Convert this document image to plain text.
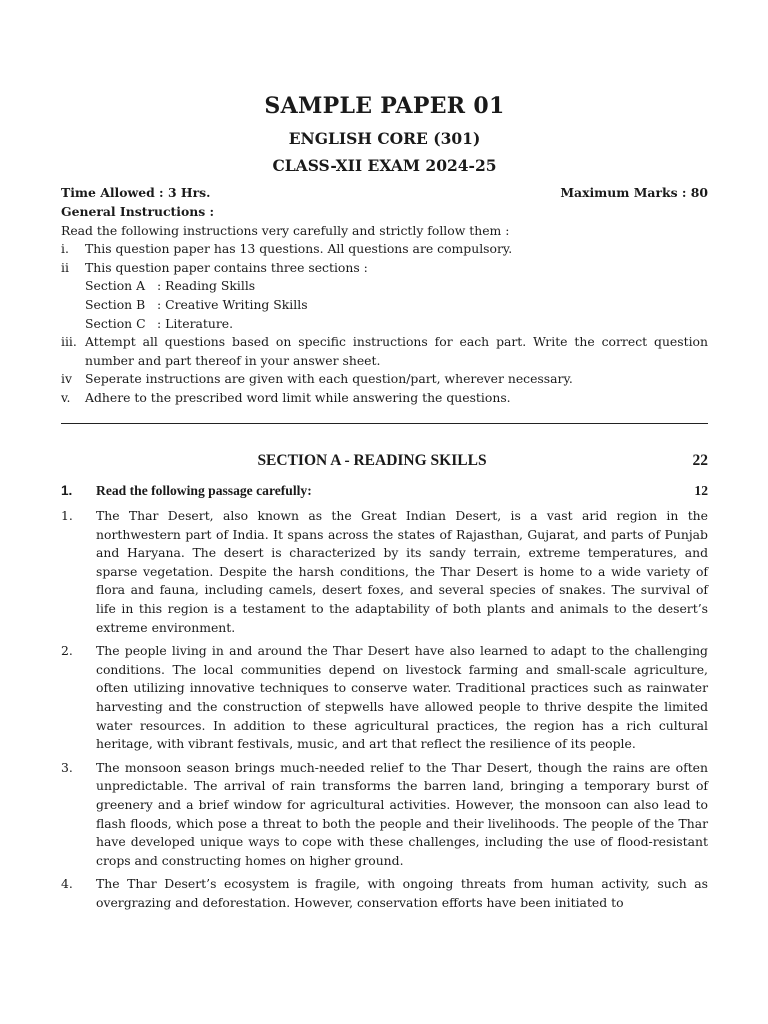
SAMPLE PAPER 01
ENGLISH CORE (301)
CLASS-XII EXAM 2024-25
Time Allowed : 3 Hrs.	Maximum Marks : 80
General Instructions :
Read the following instructions very carefully and strictly follow them :
i.	This question paper has 13 questions. All questions are compulsory.
ii	This question paper contains three sections :
Section A : Reading Skills
Section B : Creative Writing Skills
Section C : Literature.
iii. Attempt all questions based on specific instructions for each part. Write the correct question number and part thereof in your answer sheet.
iv	Seperate instructions are given with each question/part, wherever necessary.
v.	Adhere to the prescribed word limit while answering the questions.
SECTION A - READING SKILLS	22
1.	Read the following passage carefully:	12
1.	The Thar Desert, also known as the Great Indian Desert, is a vast arid region in the northwestern part of India. It spans across the states of Rajasthan, Gujarat, and parts of Punjab and Haryana. The desert is characterized by its sandy terrain, extreme temperatures, and sparse vegetation. Despite the harsh conditions, the Thar Desert is home to a wide variety of flora and fauna, including camels, desert foxes, and several species of snakes. The survival of life in this region is a testament to the adaptability of both plants and animals to the desert’s extreme environment.
2.	The people living in and around the Thar Desert have also learned to adapt to the challenging conditions. The local communities depend on livestock farming and small-scale agriculture, often utilizing innovative techniques to conserve water. Traditional practices such as rainwater harvesting and the construction of stepwells have allowed people to thrive despite the limited water resources. In addition to these agricultural practices, the region has a rich cultural heritage, with vibrant festivals, music, and art that reflect the resilience of its people.
3.	The monsoon season brings much-needed relief to the Thar Desert, though the rains are often unpredictable. The arrival of rain transforms the barren land, bringing a temporary burst of greenery and a brief window for agricultural activities. However, the monsoon can also lead to flash floods, which pose a threat to both the people and their livelihoods. The people of the Thar have developed unique ways to cope with these challenges, including the use of flood-resistant crops and constructing homes on higher ground.
4.	The Thar Desert’s ecosystem is fragile, with ongoing threats from human activity, such as overgrazing and deforestation. However, conservation efforts have been initiated to
